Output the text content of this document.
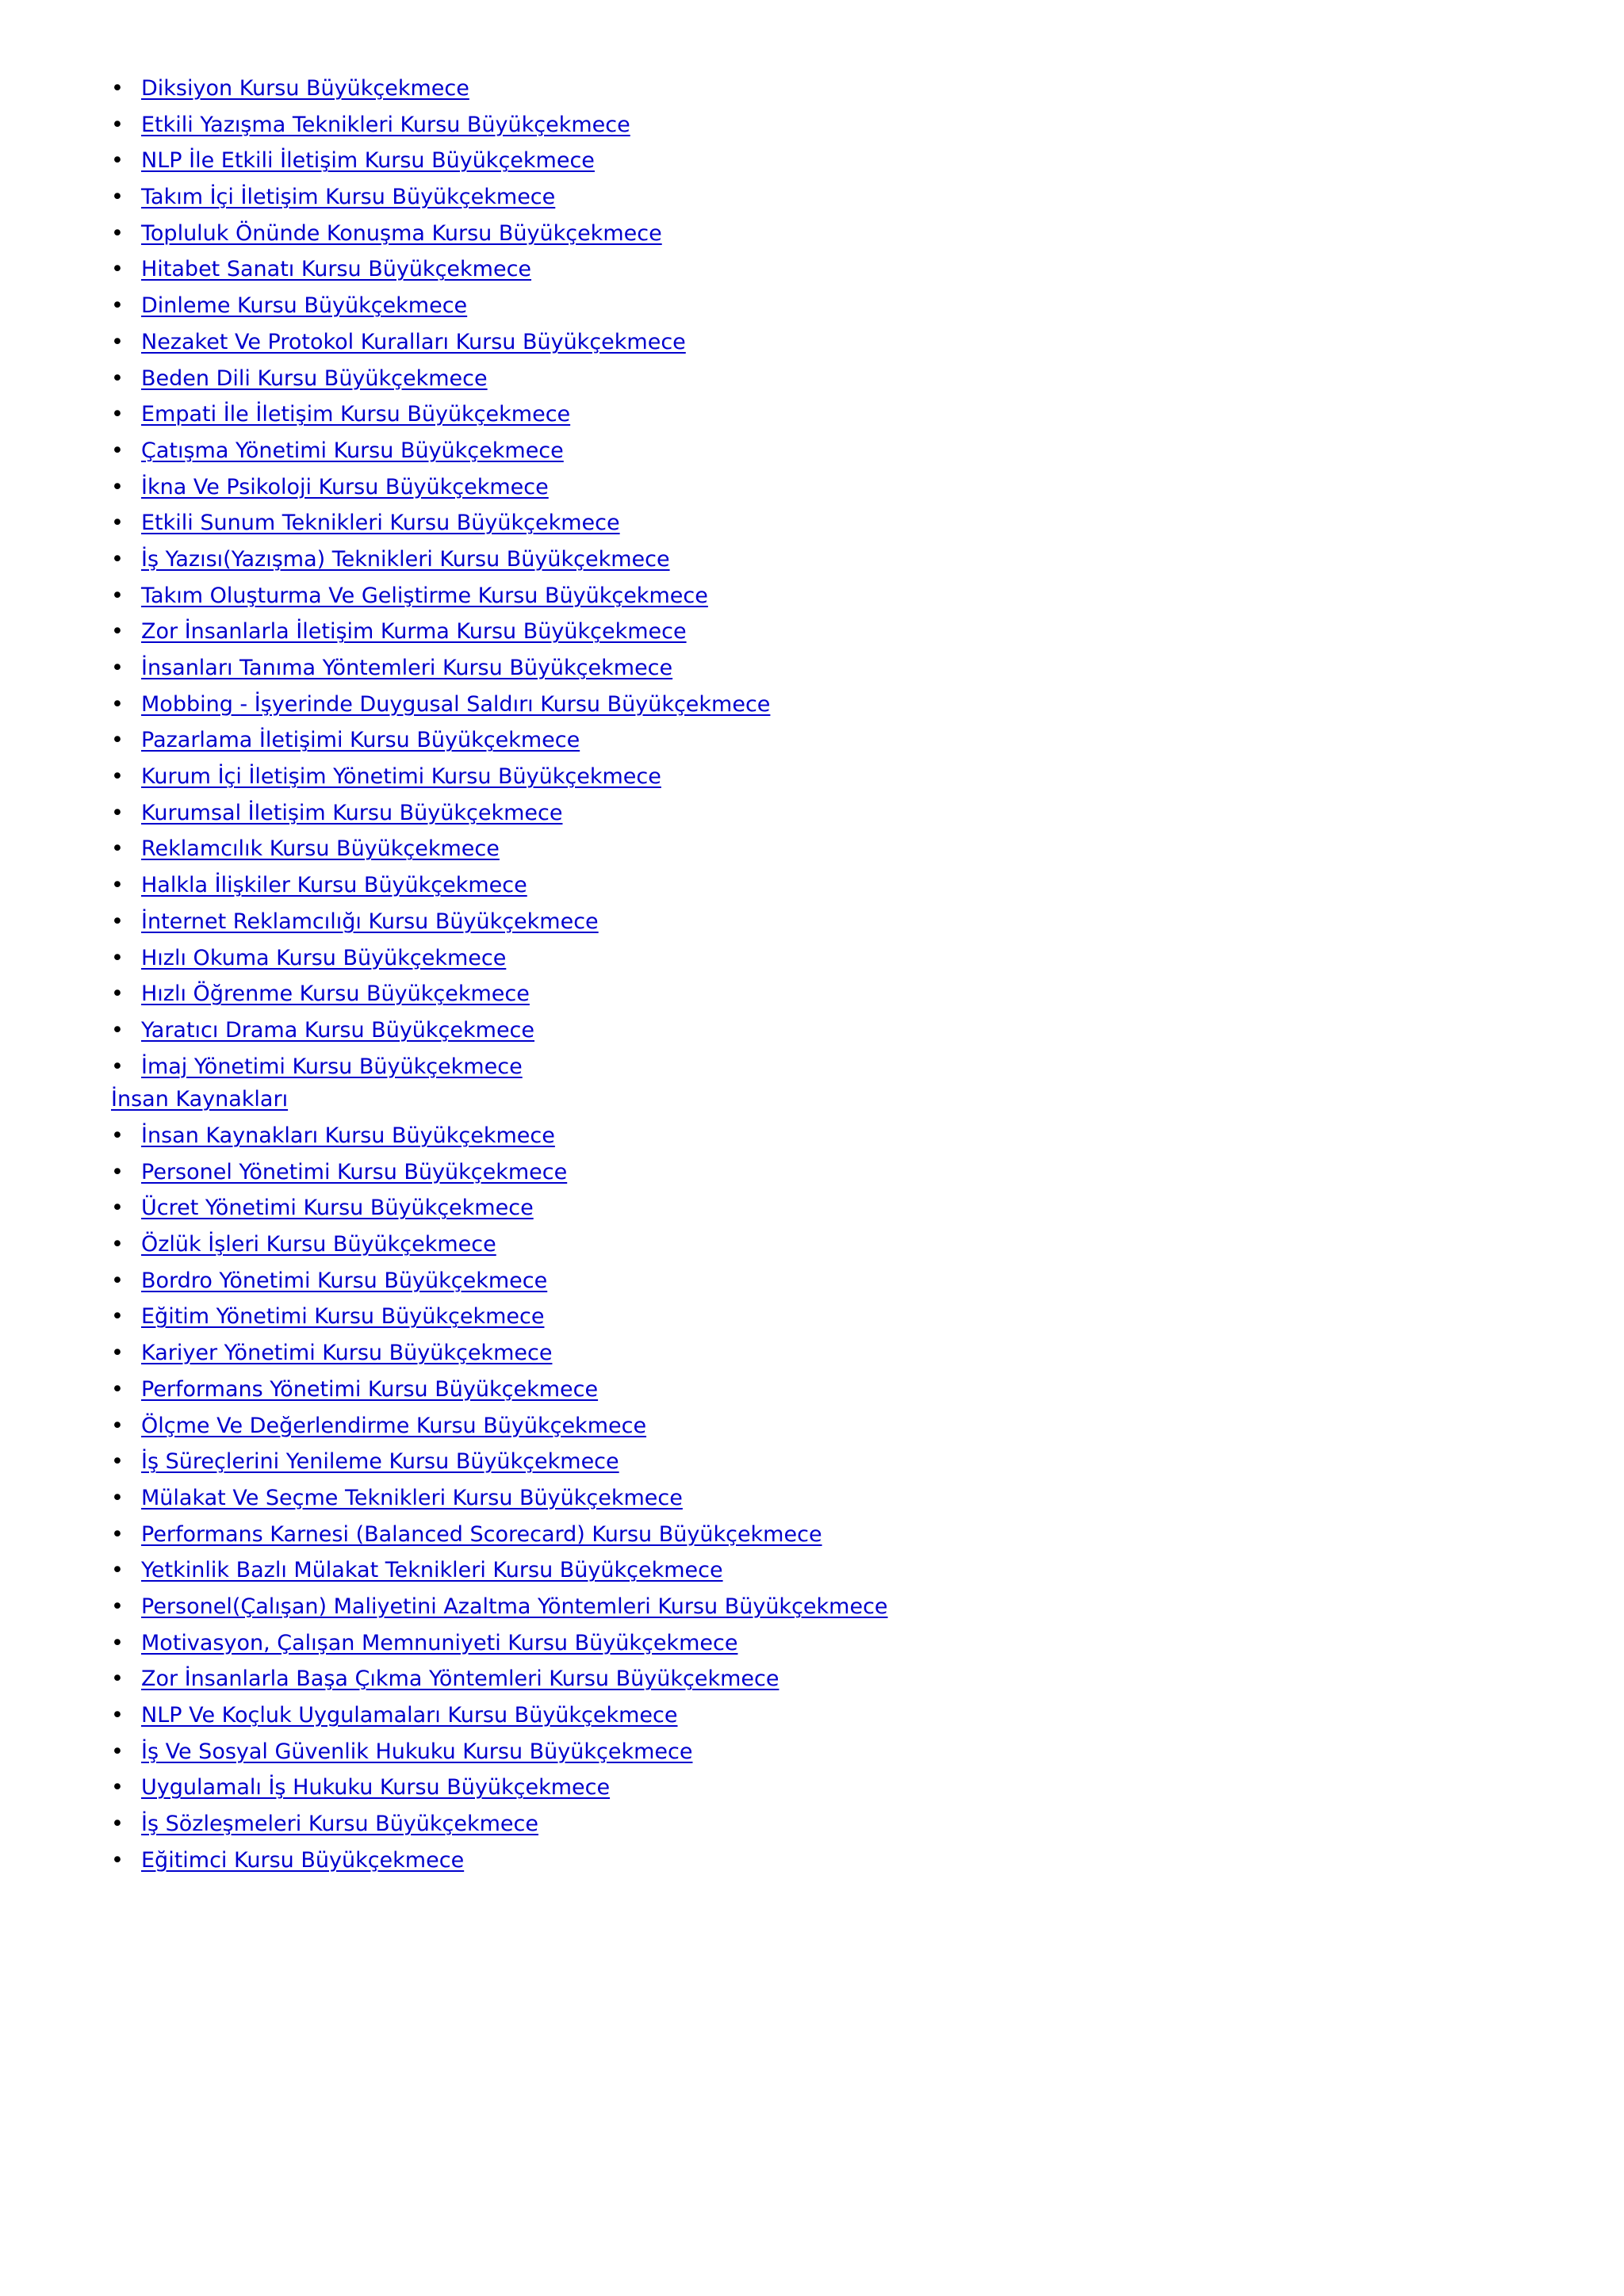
• Diksiyon Kursu Büyükçekmece
• Etkili Yazışma Teknikleri Kursu Büyükçekmece
• NLP İle Etkili İletişim Kursu Büyükçekmece
• Takım İçi İletişim Kursu Büyükçekmece
• Topluluk Önünde Konuşma Kursu Büyükçekmece
• Hitabet Sanatı Kursu Büyükçekmece
• Dinleme Kursu Büyükçekmece
• Nezaket Ve Protokol Kuralları Kursu Büyükçekmece
• Beden Dili Kursu Büyükçekmece
• Empati İle İletişim Kursu Büyükçekmece
• Çatışma Yönetimi Kursu Büyükçekmece
• İkna Ve Psikoloji Kursu Büyükçekmece
• Etkili Sunum Teknikleri Kursu Büyükçekmece
• İş Yazısı(Yazışma) Teknikleri Kursu Büyükçekmece
• Takım Oluşturma Ve Geliştirme Kursu Büyükçekmece
• Zor İnsanlarla İletişim Kurma Kursu Büyükçekmece
• İnsanları Tanıma Yöntemleri Kursu Büyükçekmece
• Mobbing - İşyerinde Duygusal Saldırı Kursu Büyükçekmece
• Pazarlama İletişimi Kursu Büyükçekmece
• Kurum İçi İletişim Yönetimi Kursu Büyükçekmece
• Kurumsal İletişim Kursu Büyükçekmece
• Reklamcılık Kursu Büyükçekmece
• Halkla İlişkiler Kursu Büyükçekmece
• İnternet Reklamcılığı Kursu Büyükçekmece
• Hızlı Okuma Kursu Büyükçekmece
• Hızlı Öğrenme Kursu Büyükçekmece
• Yaratıcı Drama Kursu Büyükçekmece
• İmaj Yönetimi Kursu Büyükçekmece
İnsan Kaynakları
• İnsan Kaynakları Kursu Büyükçekmece
• Personel Yönetimi Kursu Büyükçekmece
• Ücret Yönetimi Kursu Büyükçekmece
• Özlük İşleri Kursu Büyükçekmece
• Bordro Yönetimi Kursu Büyükçekmece
• Eğitim Yönetimi Kursu Büyükçekmece
• Kariyer Yönetimi Kursu Büyükçekmece
• Performans Yönetimi Kursu Büyükçekmece
• Ölçme Ve Değerlendirme Kursu Büyükçekmece
• İş Süreçlerini Yenileme Kursu Büyükçekmece
• Mülakat Ve Seçme Teknikleri Kursu Büyükçekmece
• Performans Karnesi (Balanced Scorecard) Kursu Büyükçekmece
• Yetkinlik Bazlı Mülakat Teknikleri Kursu Büyükçekmece
• Personel(Çalışan) Maliyetini Azaltma Yöntemleri Kursu Büyükçekmece
• Motivasyon, Çalışan Memnuniyeti Kursu Büyükçekmece
• Zor İnsanlarla Başa Çıkma Yöntemleri Kursu Büyükçekmece
• NLP Ve Koçluk Uygulamaları Kursu Büyükçekmece
• İş Ve Sosyal Güvenlik Hukuku Kursu Büyükçekmece
• Uygulamalı İş Hukuku Kursu Büyükçekmece
• İş Sözleşmeleri Kursu Büyükçekmece
• Eğitimci Kursu Büyükçekmece
